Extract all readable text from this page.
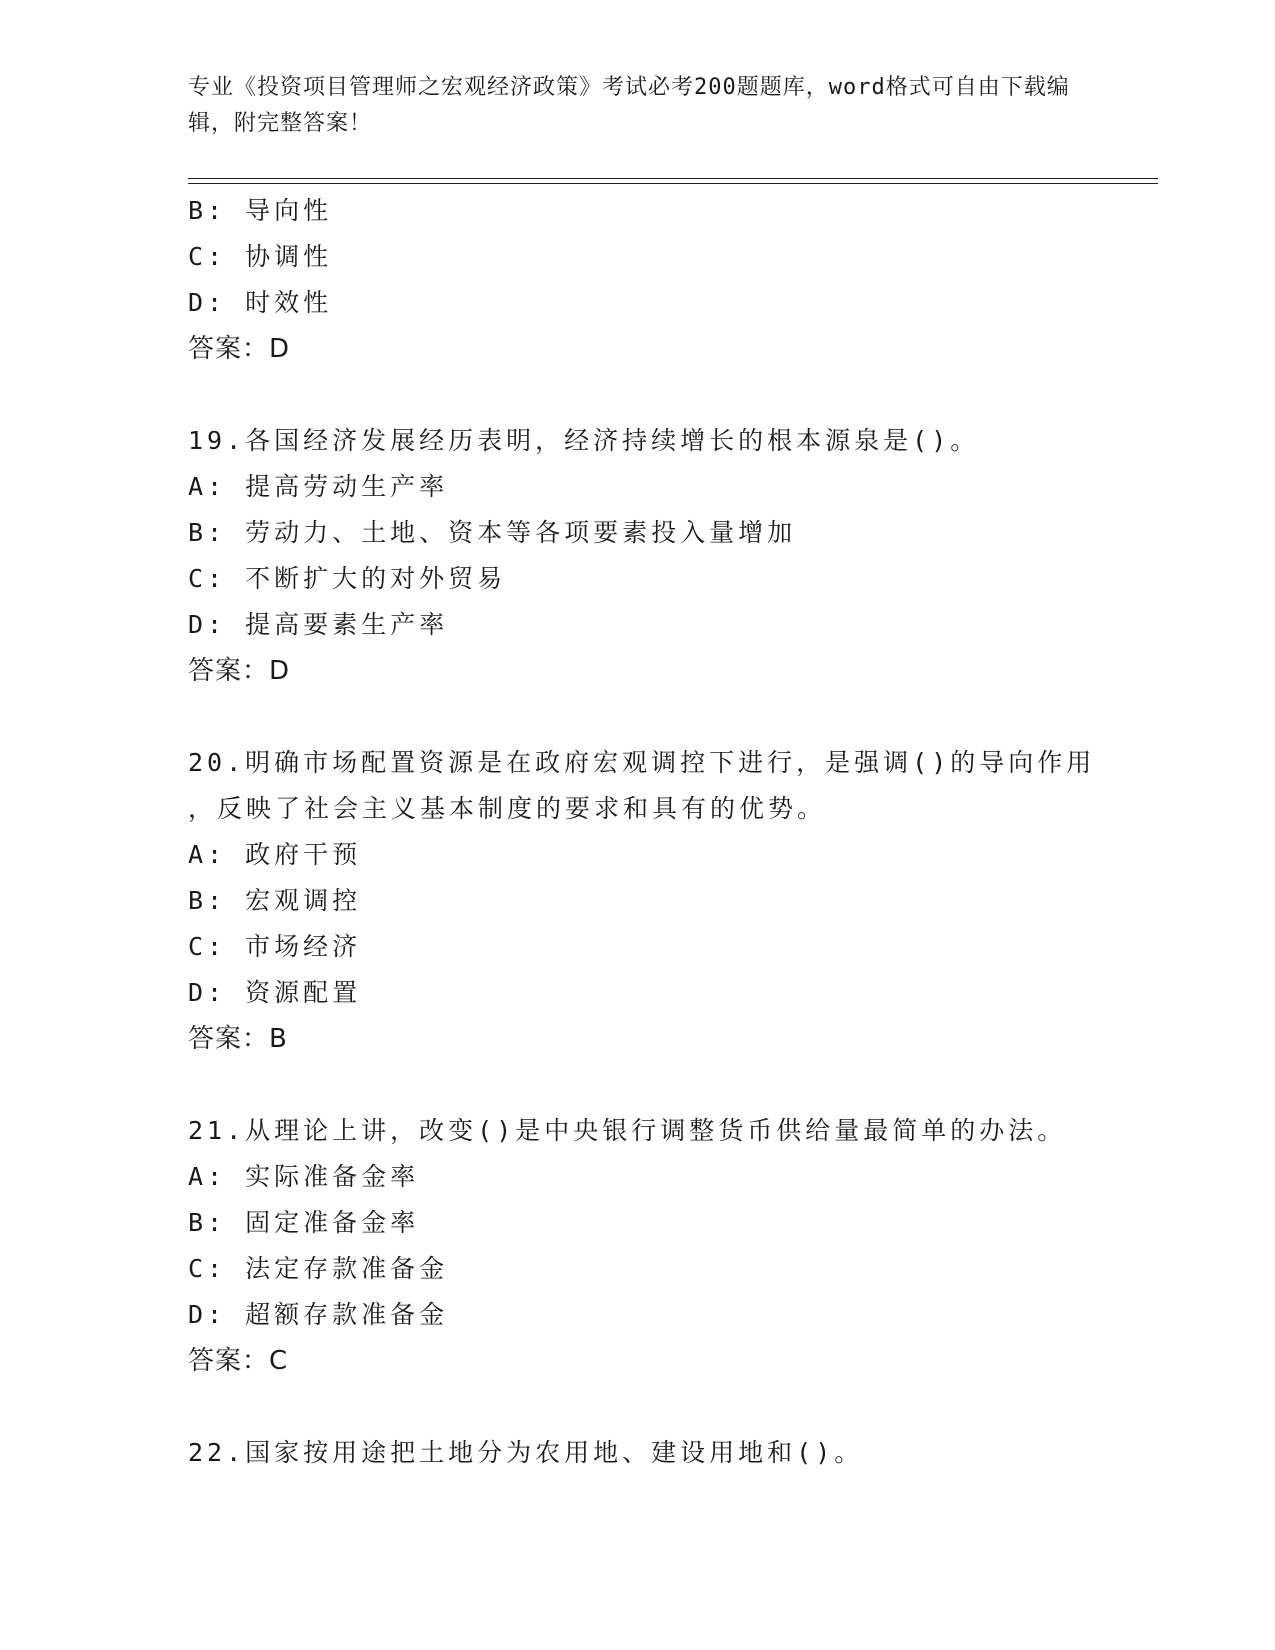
专业《投资项目管理师之宏观经济政策》考试必考200题题库，word格式可自由下载编辑，附完整答案！
B: 导向性
C: 协调性
D: 时效性
答案：D
19.各国经济发展经历表明，经济持续增长的根本源泉是()。
A: 提高劳动生产率
B: 劳动力、土地、资本等各项要素投入量增加
C: 不断扩大的对外贸易
D: 提高要素生产率
答案：D
20.明确市场配置资源是在政府宏观调控下进行，是强调()的导向作用
，反映了社会主义基本制度的要求和具有的优势。
A: 政府干预
B: 宏观调控
C: 市场经济
D: 资源配置
答案：B
21.从理论上讲，改变()是中央银行调整货币供给量最简单的办法。
A: 实际准备金率
B: 固定准备金率
C: 法定存款准备金
D: 超额存款准备金
答案：C
22.国家按用途把土地分为农用地、建设用地和()。
